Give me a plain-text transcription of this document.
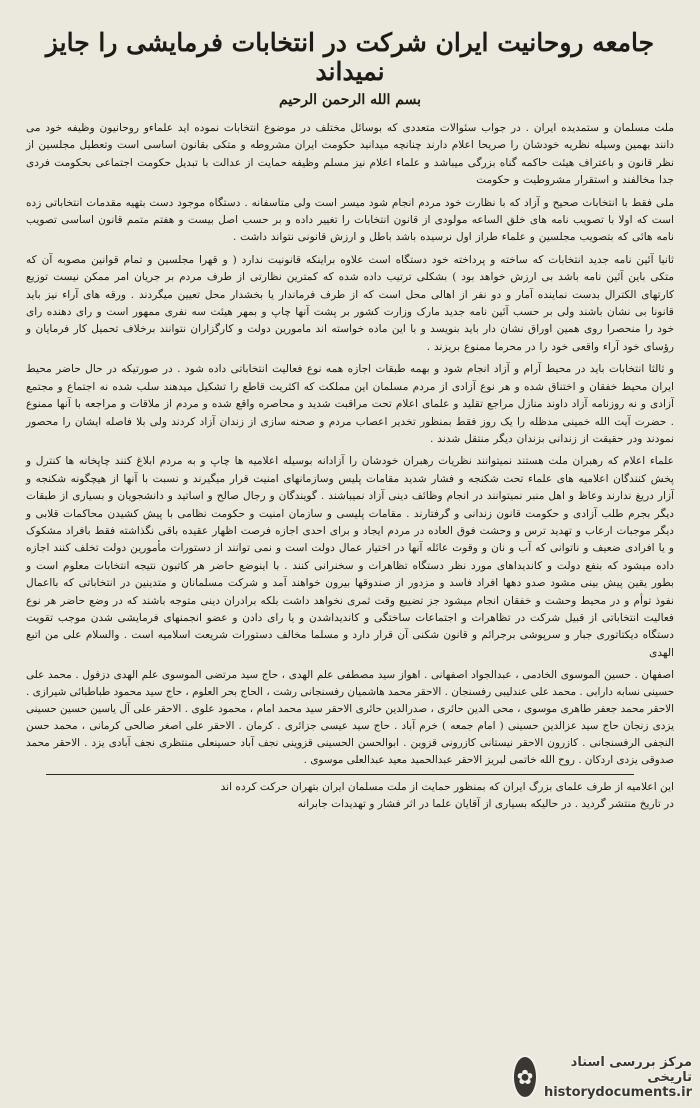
جامعه روحانیت ایران شرکت در انتخابات فرمایشی را جایز نمیداند
بسم الله الرحمن الرحیم

ملت مسلمان و ستمدیده ایران . در جواب سئوالات متعددی که بوسائل مختلف در موضوع انتخابات نموده اید علماءو روحانیون وظیفه خود می دانند بهمین وسیله نظریه خودشان را صریحا اعلام دارند چنانچه میدانید حکومت ایران مشروطه و متکی بقانون اساسی است وتعطیل مجلسین از نظر قانون و باعتراف هیئت حاکمه گناه بزرگی میباشد و علماء اعلام نیز مسلم وظیفه حمایت از عدالت با تبدیل حکومت اجتماعی بحکومت فردی جدا مخالفند و استقرار مشروطیت و حکومت

ملی فقط با انتخابات صحیح و آزاد که با نظارت خود مردم انجام شود میسر است ولی متاسفانه . دستگاه موجود دست بتهیه مقدمات انتخاباتی زده است که اولا با تصویب نامه های خلق الساعه مولودی از قانون انتخابات را تغییر داده و بر حسب اصل بیست و هفتم متمم قانون اساسی تصویب نامه هائی که بتصویب مجلسین و علماء طراز اول نرسیده باشد باطل و ارزش قانونی نتواند داشت .

ثانیا آئین نامه جدید انتخابات که ساخته و پرداخته خود دستگاه است علاوه براینکه قانونیت ندارد ( و قهرا مجلسین و تمام قوانین مصوبه آن که متکی باین آئین نامه باشد بی ارزش خواهد بود ) بشکلی ترتیب داده شده که کمترین نظارتی از طرف مردم بر جریان امر ممکن نیست توزیع کارتهای الکترال بدست نماینده آمار و دو نفر از اهالی محل است که از طرف فرماندار یا بخشدار محل تعیین میگردند . ورقه های آراء نیز باید قانونا بی نشان باشند ولی بر حسب آئین نامه جدید مارک وزارت کشور بر پشت آنها چاپ و بمهر هیئت سه نفری ممهور است و رای دهنده رای خود را منحصرا روی همین اوراق نشان دار باید بنویسد و با این ماده خواسته اند مامورین دولت و کارگزاران نتوانند برخلاف تحمیل کار فرمایان و رؤسای خود آراء واقعی خود را در محرما ممنوع بریزند .

و ثالثا انتخابات باید در محیط آرام و آزاد انجام شود و بهمه طبقات اجازه همه نوع فعالیت انتخاباتی داده شود . در صورتیکه در حال حاضر محیط ایران محیط خفقان و اختناق شده و هر نوع آزادی از مردم مسلمان این مملکت که اکثریت قاطع را تشکیل میدهند سلب شده نه اجتماع و مجتمع آزادی و نه روزنامه آزاد داوند منازل مراجع تقلید و علمای اعلام تحت مراقبت شدید و محاصره واقع شده و مردم از ملاقات و مراجعه با آنها ممنوع . حضرت آیت الله خمینی مدظله را یک روز فقط بمنظور تخدیر اعصاب مردم و صحنه سازی از زندان آزاد کردند ولی بلا فاصله ایشان را محصور نمودند ودر حقیقت از زندانی بزندان دیگر منتقل شدند .

علماء اعلام که رهبران ملت هستند نمیتوانند نظریات رهبران خودشان را آزادانه بوسیله اعلامیه ها چاپ و به مردم ابلاغ کنند چاپخانه ها کنترل و پخش کنندگان اعلامیه های علماء تحت شکنجه و فشار شدید مقامات پلیس وسازمانهای امنیت قرار میگیرند و نسبت با آنها از هیچگونه شکنجه و آزار دریغ ندارند وعاظ و اهل منبر نمیتوانند در انجام وظائف دینی آزاد نمیباشند . گویندگان و رجال صالح و اساتید و دانشجویان و بسیاری از طبقات دیگر بجرم طلب آزادی و حکومت قانون زندانی و گرفتارند . مقامات پلیسی و سازمان امنیت و حکومت نظامی با پیش کشیدن محاکمات قلابی و دیگر موجبات ارعاب و تهدید ترس و وحشت فوق العاده در مردم ایجاد و برای احدی اجازه فرصت اظهار عقیده باقی نگذاشته فقط بافراد مشکوک و یا افرادی ضعیف و ناتوانی که آب و نان و وقوت عائله آنها در اختیار عمال دولت است و نمی توانند از دستورات مأمورین دولت تخلف کنند اجازه داده میشود که بنفع دولت و کاندیداهای مورد نظر دستگاه تظاهرات و سخنرانی کنند . با اینوضع حاضر هر کاتبون نتیجه انتخابات معلوم است و بطور یقین پیش بینی مشود صدو دهها افراد فاسد و مزدور از صندوقها بیرون خواهند آمد و شرکت مسلمانان و متدینین در انتخاباتی که بااعمال نفوذ توأم و در محیط وحشت و خفقان انجام میشود جز تضییع وقت ثمری نخواهد داشت بلکه برادران دینی متوجه باشند که در وضع حاضر هر نوع فعالیت انتخاباتی از قبیل شرکت در تظاهرات و اجتماعات ساختگی و کاندیداشدن و یا رای دادن و عضو انجمنهای فرمایشی شدن موجب تقویت دستگاه دیکتاتوری جبار و سرپوشی برجرائم و قانون شکنی آن قرار دارد و مسلما مخالف دستورات شریعت اسلامیه است . والسلام علی من اتبع الهدی

اصفهان . حسین الموسوی الخادمی ، عبدالجواد اصفهانی . اهواز سید مصطفی علم الهدی ، حاج سید مرتضی الموسوی علم الهدی دزفول . محمد علی حسینی نسابه دارابی . محمد علی عندلیبی رفسنجان . الاحقر محمد هاشمیان رفسنجانی رشت ، الحاج بحر العلوم ، حاج سید محمود طباطبائی شیرازی . الاحقر محمد جعفر طاهری موسوی ، محی الدین حائری ، صدرالدین حائری الاحقر سید محمد امام ، محمود علوی . الاحقر علی آل یاسین حسین حسینی یزدی زنجان حاج سید عزالدین حسینی ( امام جمعه ) خرم آباد . حاج سید عیسی جزائری . کرمان . الاحقر علی اصغر صالحی کرمانی ، محمد حسن النجفی الرفسنجانی . کازرون الاحقر نیستانی کازرونی قزوین . ابوالحسن الحسینی قزوینی نجف آباد حسینعلی منتظری نجف آبادی یزد . الاحقر محمد صدوقی یزدی اردکان . روح الله خاتمی لبریز الاحقر عبدالحمید معید عبدالعلی موسوی .

این اعلامیه از طرف علمای بزرگ ایران که بمنظور حمایت از ملت مسلمان ایران بتهران حرکت کرده اند در تاریخ منتشر گردید . در حالیکه بسیاری از آقایان علما در اثر فشار و تهدیدات جابرانه

✿
مرکز بررسی اسناد تاریخی
historydocuments.ir
